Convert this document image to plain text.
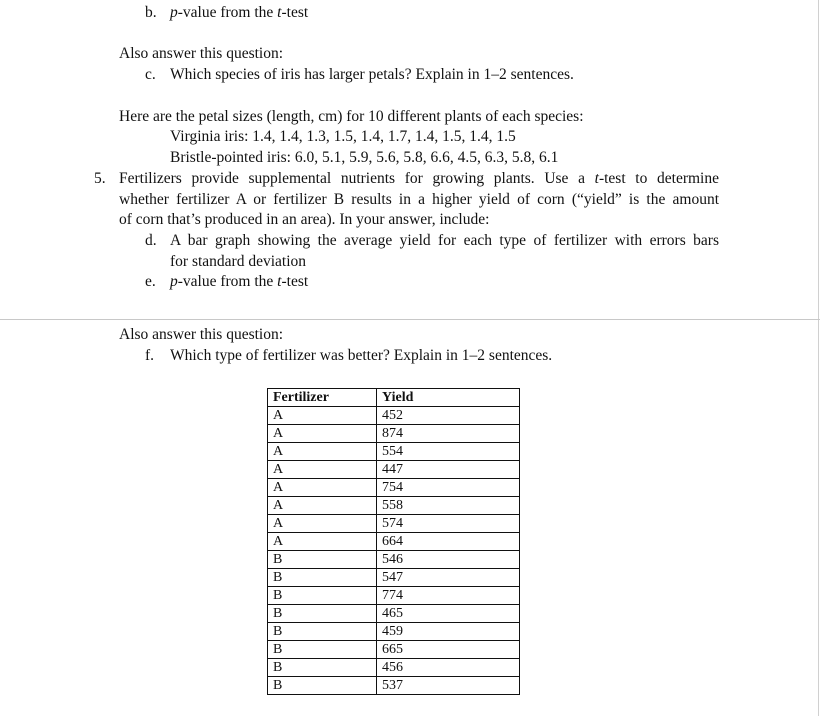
b. p-value from the t-test
Also answer this question:
c. Which species of iris has larger petals? Explain in 1–2 sentences.
Here are the petal sizes (length, cm) for 10 different plants of each species:
Virginia iris: 1.4, 1.4, 1.3, 1.5, 1.4, 1.7, 1.4, 1.5, 1.4, 1.5
Bristle-pointed iris: 6.0, 5.1, 5.9, 5.6, 5.8, 6.6, 4.5, 6.3, 5.8, 6.1
5. Fertilizers provide supplemental nutrients for growing plants. Use a t-test to determine
whether fertilizer A or fertilizer B results in a higher yield of corn (“yield” is the amount
of corn that’s produced in an area). In your answer, include:
d. A bar graph showing the average yield for each type of fertilizer with errors bars
for standard deviation
e. p-value from the t-test
Also answer this question:
f. Which type of fertilizer was better? Explain in 1–2 sentences.
Fertilizer	Yield
A	452
A	874
A	554
A	447
A	754
A	558
A	574
A	664
B	546
B	547
B	774
B	465
B	459
B	665
B	456
B	537
